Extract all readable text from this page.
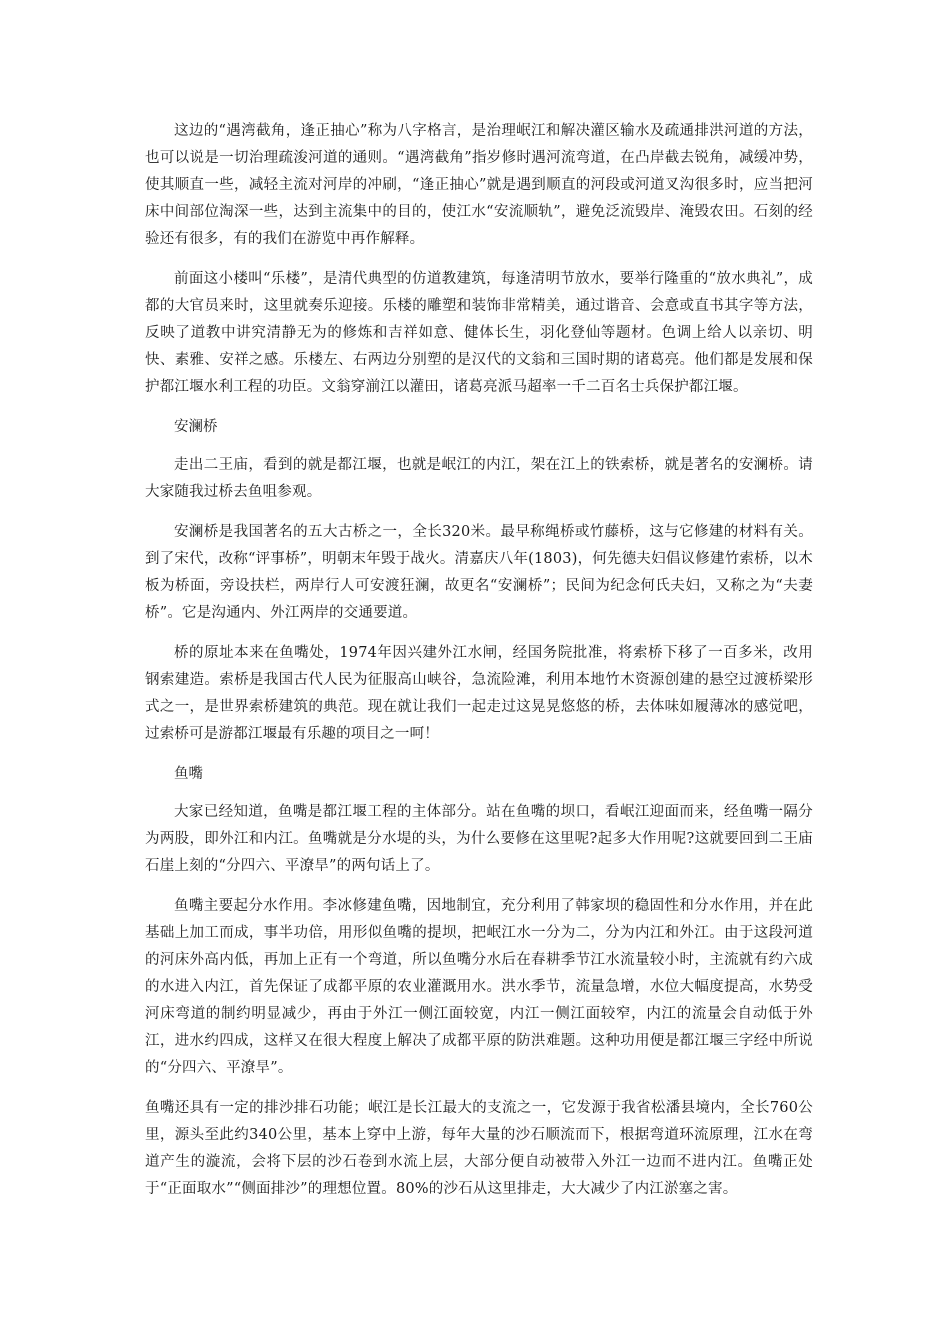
这边的“遇湾截角，逢正抽心”称为八字格言，是治理岷江和解决灌区输水及疏通排洪河道的方法，也可以说是一切治理疏浚河道的通则。“遇湾截角”指岁修时遇河流弯道，在凸岸截去锐角，减缓冲势，使其顺直一些，减轻主流对河岸的冲刷，“逢正抽心”就是遇到顺直的河段或河道叉沟很多时，应当把河床中间部位淘深一些，达到主流集中的目的，使江水“安流顺轨”，避免泛流毁岸、淹毁农田。石刻的经验还有很多，有的我们在游览中再作解释。

前面这小楼叫“乐楼”，是清代典型的仿道教建筑，每逢清明节放水，要举行隆重的“放水典礼”，成都的大官员来时，这里就奏乐迎接。乐楼的雕塑和装饰非常精美，通过谐音、会意或直书其字等方法，反映了道教中讲究清静无为的修炼和吉祥如意、健体长生，羽化登仙等题材。色调上给人以亲切、明快、素雅、安祥之感。乐楼左、右两边分别塑的是汉代的文翁和三国时期的诸葛亮。他们都是发展和保护都江堰水利工程的功臣。文翁穿湔江以灌田，诸葛亮派马超率一千二百名士兵保护都江堰。

安澜桥

走出二王庙，看到的就是都江堰，也就是岷江的内江，架在江上的铁索桥，就是著名的安澜桥。请大家随我过桥去鱼咀参观。

安澜桥是我国著名的五大古桥之一，全长320米。最早称绳桥或竹藤桥，这与它修建的材料有关。到了宋代，改称“评事桥”，明朝末年毁于战火。清嘉庆八年(1803)，何先德夫妇倡议修建竹索桥，以木板为桥面，旁设扶栏，两岸行人可安渡狂澜，故更名“安澜桥”；民间为纪念何氏夫妇，又称之为“夫妻桥”。它是沟通内、外江两岸的交通要道。

桥的原址本来在鱼嘴处，1974年因兴建外江水闸，经国务院批准，将索桥下移了一百多米，改用钢索建造。索桥是我国古代人民为征服高山峡谷，急流险滩，利用本地竹木资源创建的悬空过渡桥梁形式之一，是世界索桥建筑的典范。现在就让我们一起走过这晃晃悠悠的桥，去体味如履薄冰的感觉吧，过索桥可是游都江堰最有乐趣的项目之一呵！

鱼嘴

大家已经知道，鱼嘴是都江堰工程的主体部分。站在鱼嘴的坝口，看岷江迎面而来，经鱼嘴一隔分为两股，即外江和内江。鱼嘴就是分水堤的头，为什么要修在这里呢?起多大作用呢?这就要回到二王庙石崖上刻的“分四六、平潦旱”的两句话上了。

鱼嘴主要起分水作用。李冰修建鱼嘴，因地制宜，充分利用了韩家坝的稳固性和分水作用，并在此基础上加工而成，事半功倍，用形似鱼嘴的提坝，把岷江水一分为二，分为内江和外江。由于这段河道的河床外高内低，再加上正有一个弯道，所以鱼嘴分水后在春耕季节江水流量较小时，主流就有约六成的水进入内江，首先保证了成都平原的农业灌溉用水。洪水季节，流量急增，水位大幅度提高，水势受河床弯道的制约明显减少，再由于外江一侧江面较宽，内江一侧江面较窄，内江的流量会自动低于外江，进水约四成，这样又在很大程度上解决了成都平原的防洪难题。这种功用便是都江堰三字经中所说的“分四六、平潦旱”。

鱼嘴还具有一定的排沙排石功能；岷江是长江最大的支流之一，它发源于我省松潘县境内，全长760公里，源头至此约340公里，基本上穿中上游，每年大量的沙石顺流而下，根据弯道环流原理，江水在弯道产生的漩流，会将下层的沙石卷到水流上层，大部分便自动被带入外江一边而不进内江。鱼嘴正处于“正面取水”“侧面排沙”的理想位置。80%的沙石从这里排走，大大减少了内江淤塞之害。
